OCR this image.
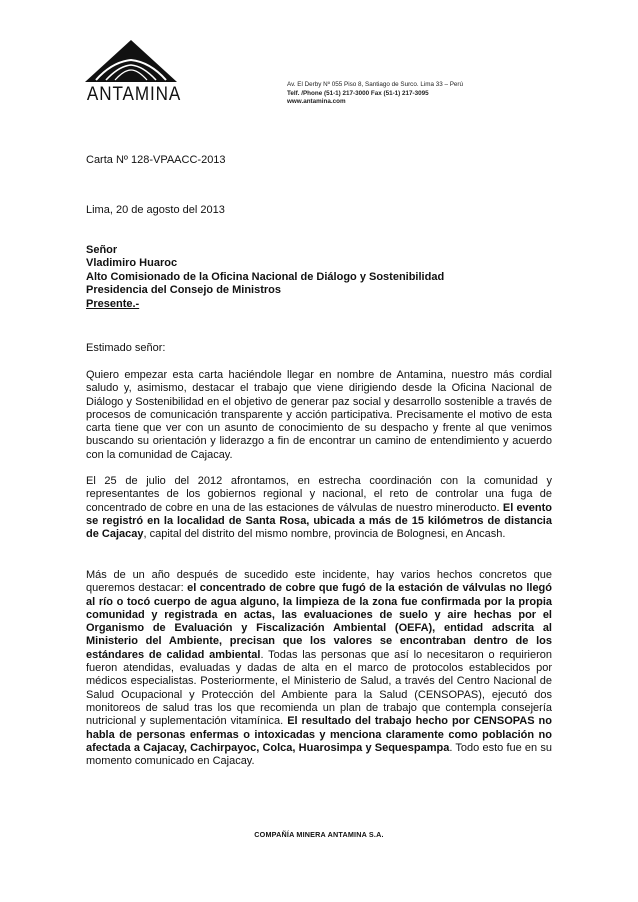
ANTAMINA	Av. El Derby Nº 055 Piso 8, Santiago de Surco. Lima 33 – Perú
Telf. /Phone (51-1) 217-3000 Fax (51-1) 217-3095
www.antamina.com
Carta Nº 128-VPAACC-2013
Lima, 20 de agosto del 2013
Señor
Vladimiro Huaroc
Alto Comisionado de la Oficina Nacional de Diálogo y Sostenibilidad
Presidencia del Consejo de Ministros
Presente.-
Estimado señor:
Quiero empezar esta carta haciéndole llegar en nombre de Antamina, nuestro más cordial saludo y, asimismo, destacar el trabajo que viene dirigiendo desde la Oficina Nacional de Diálogo y Sostenibilidad en el objetivo de generar paz social y desarrollo sostenible a través de procesos de comunicación transparente y acción participativa. Precisamente el motivo de esta carta tiene que ver con un asunto de conocimiento de su despacho y frente al que venimos buscando su orientación y liderazgo a fin de encontrar un camino de entendimiento y acuerdo con la comunidad de Cajacay.
El 25 de julio del 2012 afrontamos, en estrecha coordinación con la comunidad y representantes de los gobiernos regional y nacional, el reto de controlar una fuga de concentrado de cobre en una de las estaciones de válvulas de nuestro mineroducto. El evento se registró en la localidad de Santa Rosa, ubicada a más de 15 kilómetros de distancia de Cajacay, capital del distrito del mismo nombre, provincia de Bolognesi, en Ancash.
Más de un año después de sucedido este incidente, hay varios hechos concretos que queremos destacar: el concentrado de cobre que fugó de la estación de válvulas no llegó al río o tocó cuerpo de agua alguno, la limpieza de la zona fue confirmada por la propia comunidad y registrada en actas, las evaluaciones de suelo y aire hechas por el Organismo de Evaluación y Fiscalización Ambiental (OEFA), entidad adscrita al Ministerio del Ambiente, precisan que los valores se encontraban dentro de los estándares de calidad ambiental. Todas las personas que así lo necesitaron o requirieron fueron atendidas, evaluadas y dadas de alta en el marco de protocolos establecidos por médicos especialistas. Posteriormente, el Ministerio de Salud, a través del Centro Nacional de Salud Ocupacional y Protección del Ambiente para la Salud (CENSOPAS), ejecutó dos monitoreos de salud tras los que recomienda un plan de trabajo que contempla consejería nutricional y suplementación vitamínica. El resultado del trabajo hecho por CENSOPAS no habla de personas enfermas o intoxicadas y menciona claramente como población no afectada a Cajacay, Cachirpayoc, Colca, Huarosimpa y Sequespampa. Todo esto fue en su momento comunicado en Cajacay.
COMPAÑÍA MINERA ANTAMINA S.A.
